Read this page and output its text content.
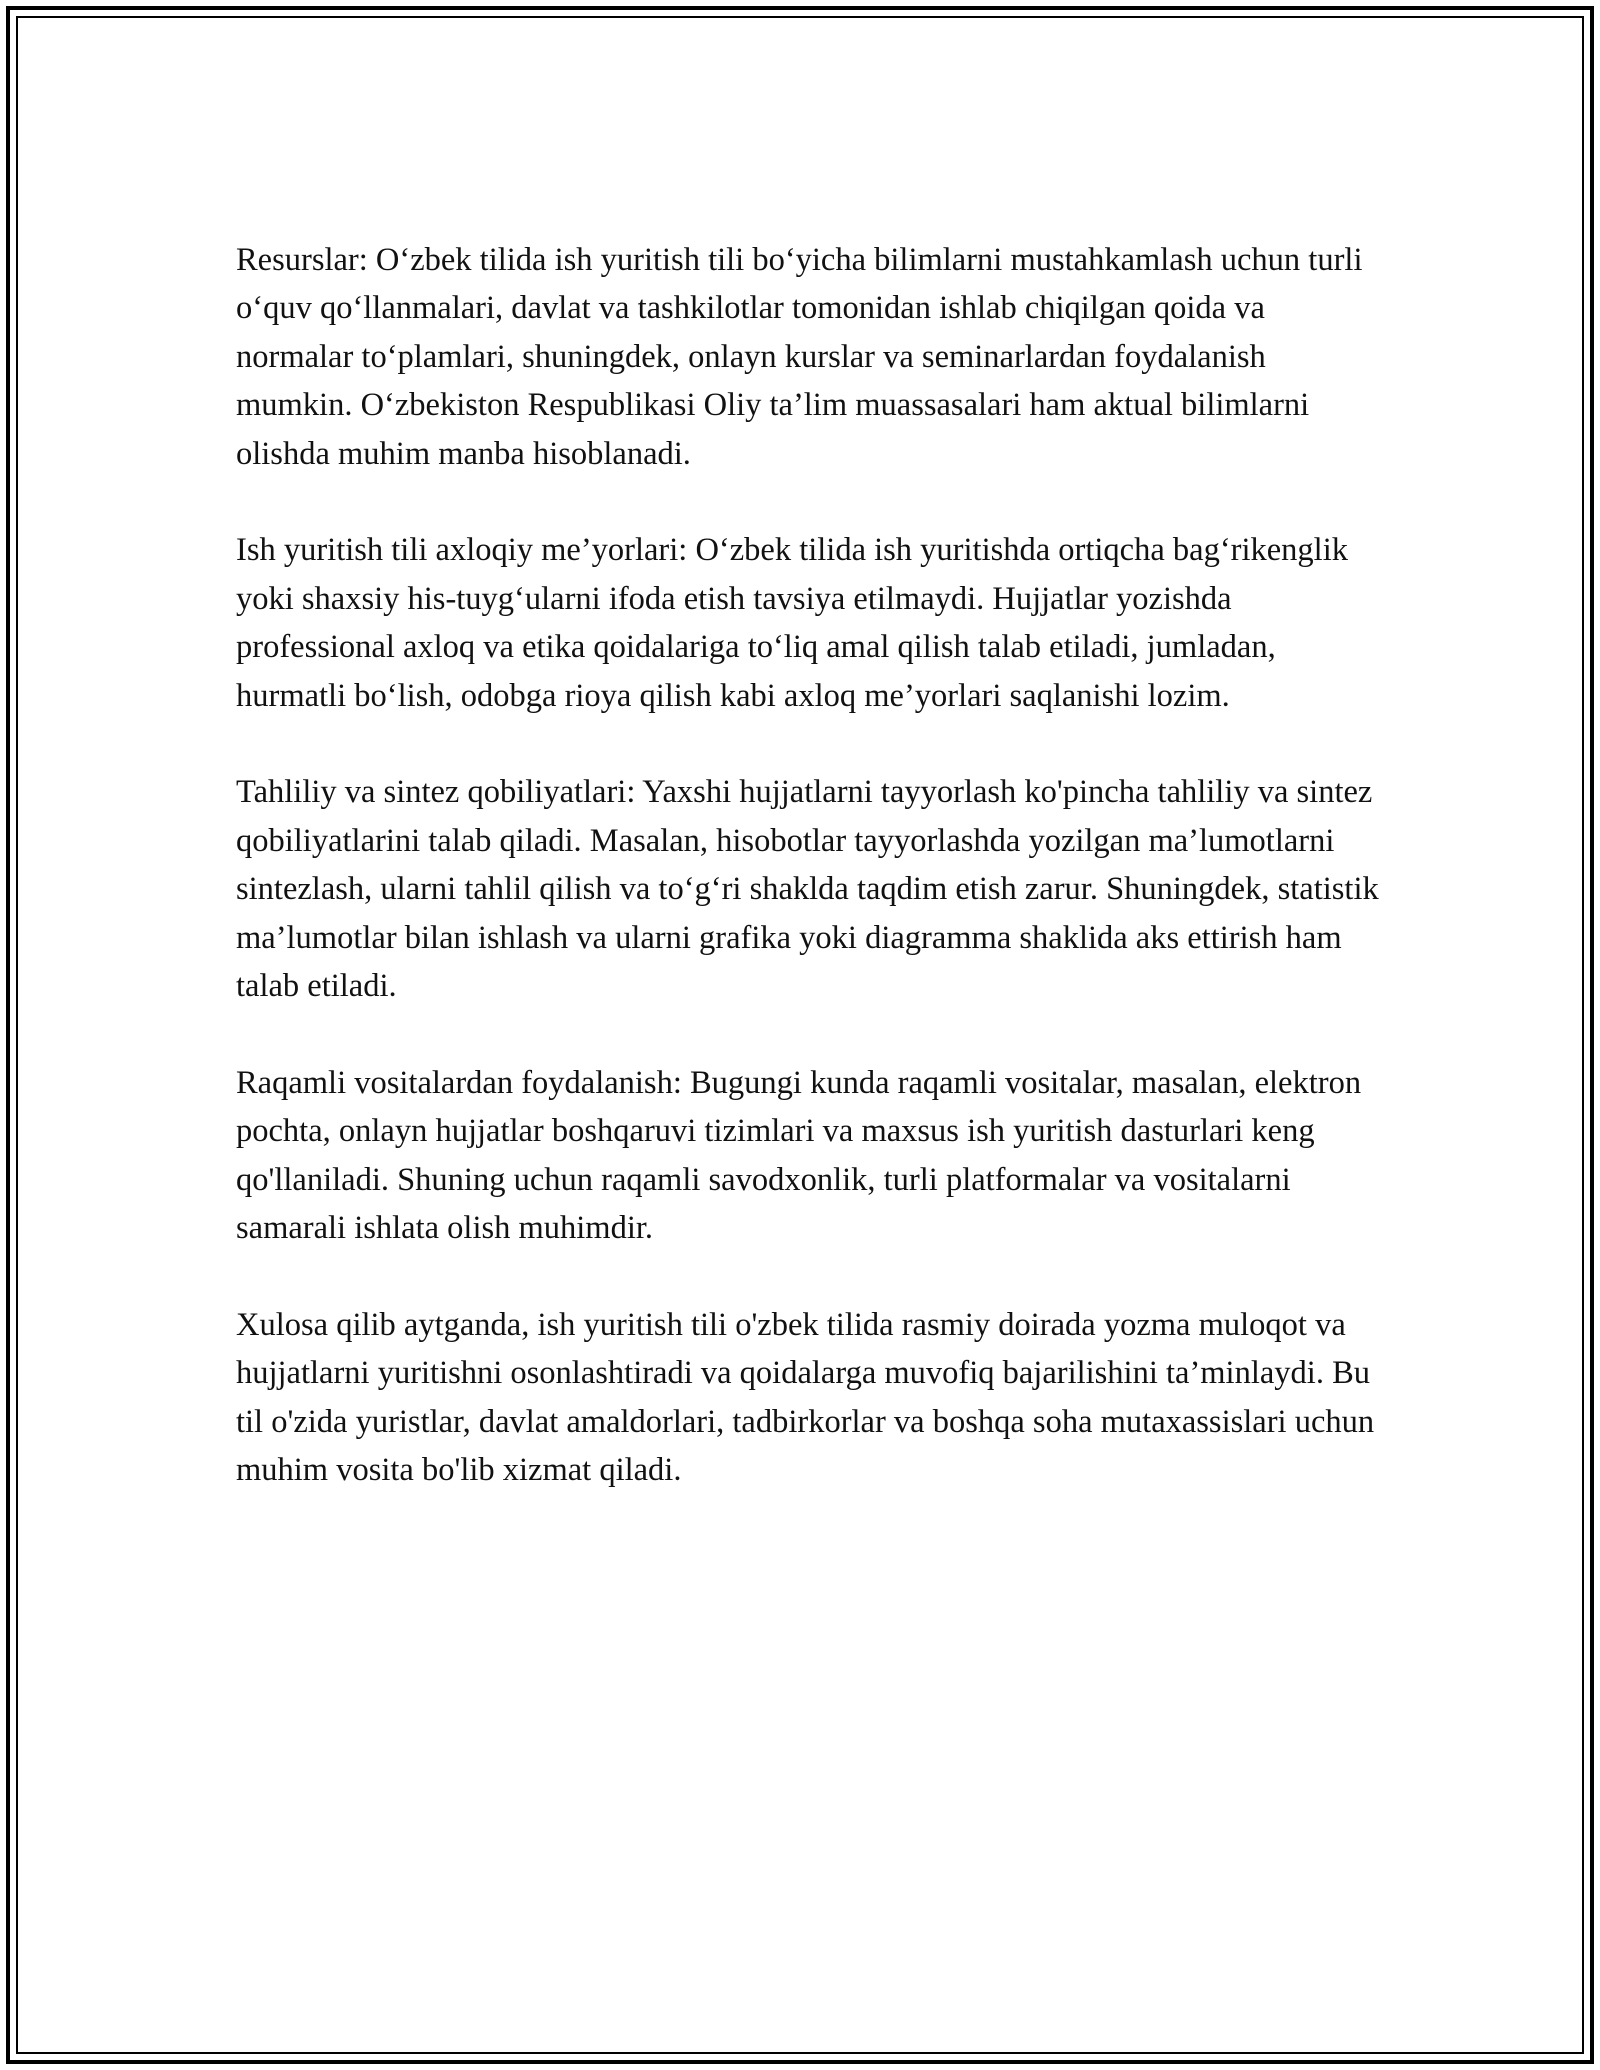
Resurslar: O‘zbek tilida ish yuritish tili bo‘yicha bilimlarni mustahkamlash uchun turli o‘quv qo‘llanmalari, davlat va tashkilotlar tomonidan ishlab chiqilgan qoida va normalar to‘plamlari, shuningdek, onlayn kurslar va seminarlardan foydalanish mumkin. O‘zbekiston Respublikasi Oliy ta’lim muassasalari ham aktual bilimlarni olishda muhim manba hisoblanadi.

Ish yuritish tili axloqiy me’yorlari: O‘zbek tilida ish yuritishda ortiqcha bag‘rikenglik yoki shaxsiy his-tuyg‘ularni ifoda etish tavsiya etilmaydi. Hujjatlar yozishda professional axloq va etika qoidalariga to‘liq amal qilish talab etiladi, jumladan, hurmatli bo‘lish, odobga rioya qilish kabi axloq me’yorlari saqlanishi lozim.

Tahliliy va sintez qobiliyatlari: Yaxshi hujjatlarni tayyorlash ko'pincha tahliliy va sintez qobiliyatlarini talab qiladi. Masalan, hisobotlar tayyorlashda yozilgan ma’lumotlarni sintezlash, ularni tahlil qilish va to‘g‘ri shaklda taqdim etish zarur. Shuningdek, statistik ma’lumotlar bilan ishlash va ularni grafika yoki diagramma shaklida aks ettirish ham talab etiladi.

Raqamli vositalardan foydalanish: Bugungi kunda raqamli vositalar, masalan, elektron pochta, onlayn hujjatlar boshqaruvi tizimlari va maxsus ish yuritish dasturlari keng qo'llaniladi. Shuning uchun raqamli savodxonlik, turli platformalar va vositalarni samarali ishlata olish muhimdir.

Xulosa qilib aytganda, ish yuritish tili o'zbek tilida rasmiy doirada yozma muloqot va hujjatlarni yuritishni osonlashtiradi va qoidalarga muvofiq bajarilishini ta’minlaydi. Bu til o'zida yuristlar, davlat amaldorlari, tadbirkorlar va boshqa soha mutaxassislari uchun muhim vosita bo'lib xizmat qiladi.
